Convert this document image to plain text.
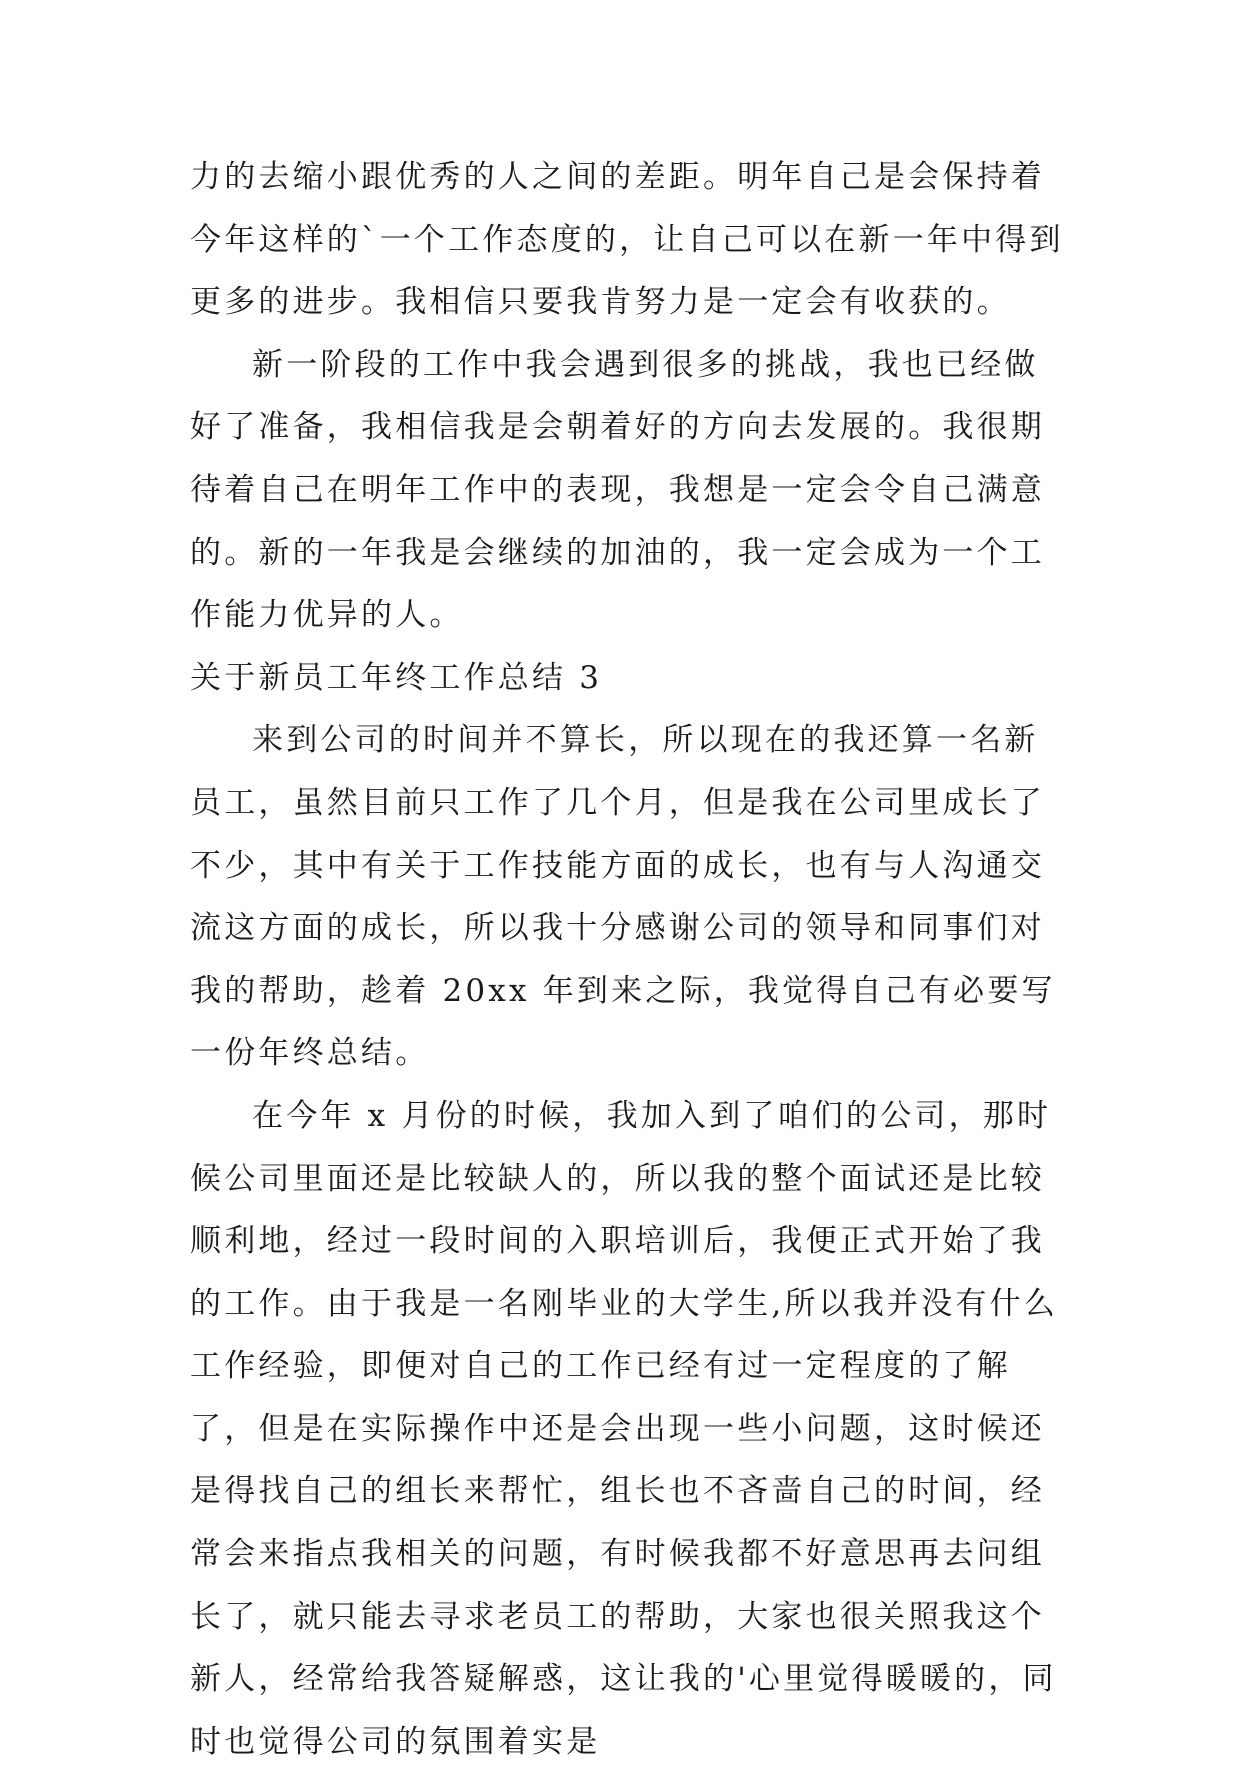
力的去缩小跟优秀的人之间的差距。明年自己是会保持着今年这样的`一个工作态度的，让自己可以在新一年中得到更多的进步。我相信只要我肯努力是一定会有收获的。

新一阶段的工作中我会遇到很多的挑战，我也已经做好了准备，我相信我是会朝着好的方向去发展的。我很期待着自己在明年工作中的表现，我想是一定会令自己满意的。新的一年我是会继续的加油的，我一定会成为一个工作能力优异的人。

关于新员工年终工作总结 3

来到公司的时间并不算长，所以现在的我还算一名新员工，虽然目前只工作了几个月，但是我在公司里成长了不少，其中有关于工作技能方面的成长，也有与人沟通交流这方面的成长，所以我十分感谢公司的领导和同事们对我的帮助，趁着 20xx 年到来之际，我觉得自己有必要写一份年终总结。

在今年 x 月份的时候，我加入到了咱们的公司，那时候公司里面还是比较缺人的，所以我的整个面试还是比较顺利地，经过一段时间的入职培训后，我便正式开始了我的工作。由于我是一名刚毕业的大学生,所以我并没有什么工作经验，即便对自己的工作已经有过一定程度的了解了，但是在实际操作中还是会出现一些小问题，这时候还是得找自己的组长来帮忙，组长也不吝啬自己的时间，经常会来指点我相关的问题，有时候我都不好意思再去问组长了，就只能去寻求老员工的帮助，大家也很关照我这个新人，经常给我答疑解惑，这让我的'心里觉得暖暖的，同时也觉得公司的氛围着实是
